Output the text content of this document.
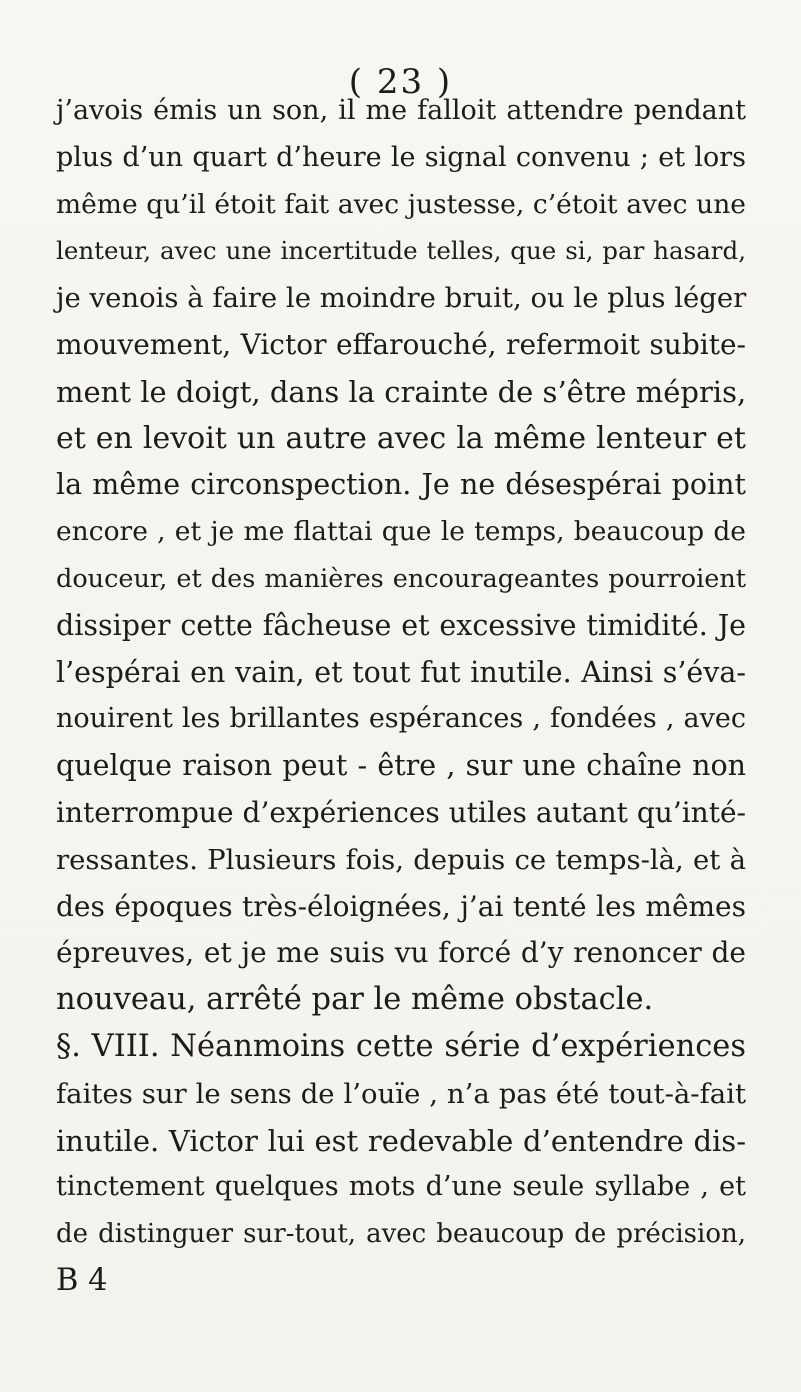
( 23 )
j’avois émis un son, il me falloit attendre pendant
plus d’un quart d’heure le signal convenu ; et lors
même qu’il étoit fait avec justesse, c’étoit avec une
lenteur, avec une incertitude telles, que si, par hasard,
je venois à faire le moindre bruit, ou le plus léger
mouvement, Victor effarouché, refermoit subite-
ment le doigt, dans la crainte de s’être mépris,
et en levoit un autre avec la même lenteur et
la même circonspection. Je ne désespérai point
encore , et je me flattai que le temps, beaucoup de
douceur, et des manières encourageantes pourroient
dissiper cette fâcheuse et excessive timidité. Je
l’espérai en vain, et tout fut inutile. Ainsi s’éva-
nouirent les brillantes espérances , fondées , avec
quelque raison peut - être , sur une chaîne non
interrompue d’expériences utiles autant qu’inté-
ressantes. Plusieurs fois, depuis ce temps-là, et à
des époques très-éloignées, j’ai tenté les mêmes
épreuves, et je me suis vu forcé d’y renoncer de
nouveau, arrêté par le même obstacle.
§. VIII. Néanmoins cette série d’expériences
faites sur le sens de l’ouïe , n’a pas été tout-à-fait
inutile. Victor lui est redevable d’entendre dis-
tinctement quelques mots d’une seule syllabe , et
de distinguer sur-tout, avec beaucoup de précision,
B 4
